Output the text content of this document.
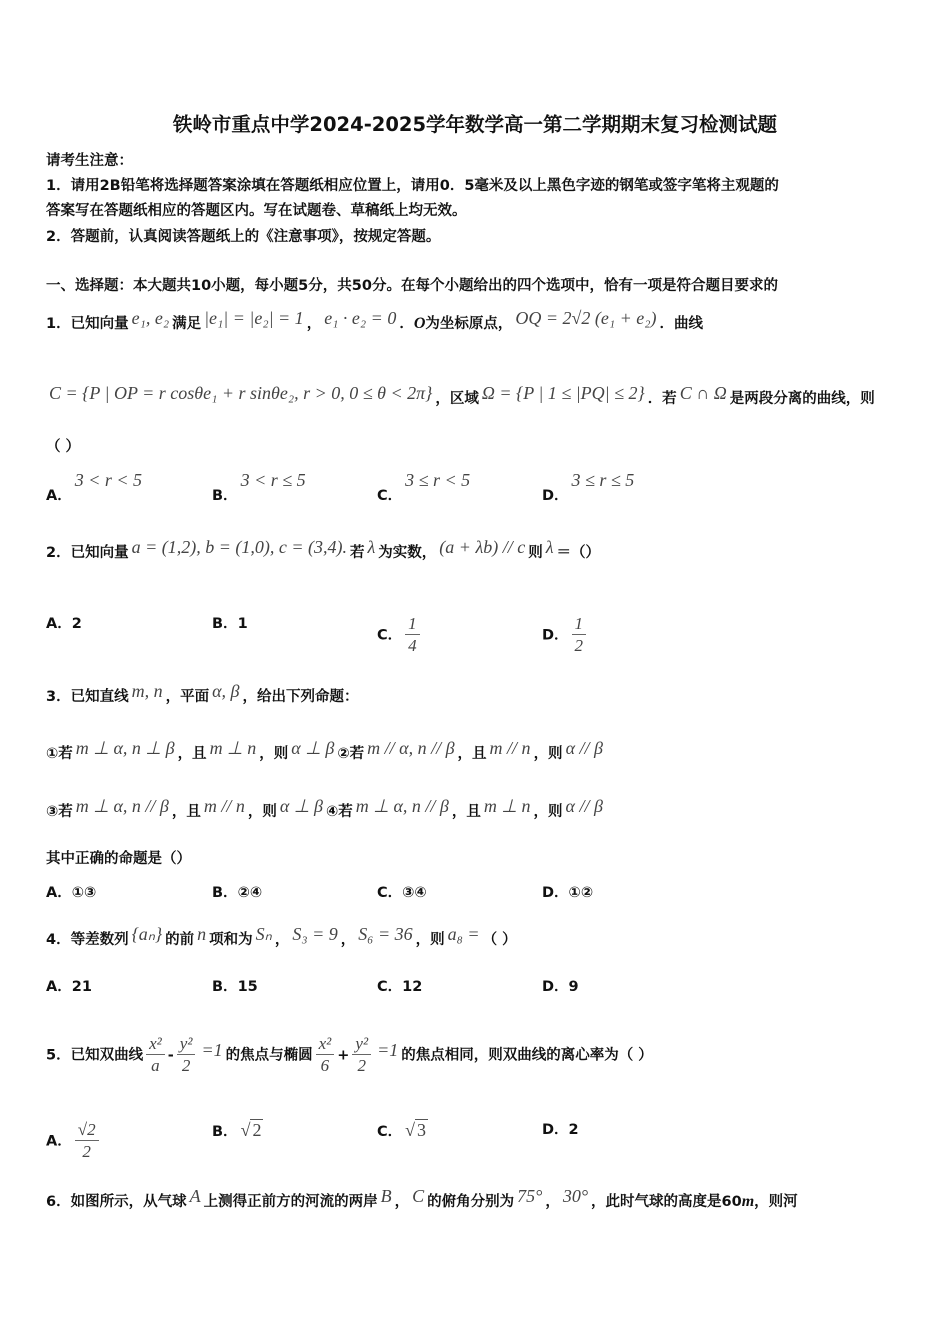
铁岭市重点中学2024-2025学年数学高一第二学期期末复习检测试题
请考生注意：
1．请用2B铅笔将选择题答案涂填在答题纸相应位置上，请用0．5毫米及以上黑色字迹的钢笔或签字笔将主观题的
答案写在答题纸相应的答题区内。写在试题卷、草稿纸上均无效。
2．答题前，认真阅读答题纸上的《注意事项》，按规定答题。
一、选择题：本大题共10小题，每小题5分，共50分。在每个小题给出的四个选项中，恰有一项是符合题目要求的
1．已知向量 e₁, e₂ 满足 |e₁| = |e₂| = 1 ， e₁ · e₂ = 0 ．O为坐标原点， OQ = 2√2 (e₁ + e₂) ．曲线
C = {P | OP = r cosθe₁ + r sinθe₂, r > 0, 0 ≤ θ < 2π} ，区域 Ω = {P | 1 ≤ |PQ| ≤ 2} ．若 C ∩ Ω 是两段分离的曲线，则
（ ）
A．3 < r < 5
B．3 < r ≤ 5
C．3 ≤ r < 5
D．3 ≤ r ≤ 5
2．已知向量 a = (1,2), b = (1,0), c = (3,4). 若 λ 为实数， (a + λb) // c 则 λ ＝（）
A．2	B．1
C． $\frac{1}{4}$	D． $\frac{1}{2}$
3．已知直线 m, n ，平面 α, β ，给出下列命题：
①若 m ⊥ α, n ⊥ β ，且 m ⊥ n ，则 α ⊥ β ②若 m // α, n // β ，且 m // n ，则 α // β
③若 m ⊥ α, n // β ，且 m // n ，则 α ⊥ β ④若 m ⊥ α, n // β ，且 m ⊥ n ，则 α // β
其中正确的命题是（）
A．①③	B．②④	C．③④	D．①②
4．等差数列 {aₙ} 的前 n 项和为 Sₙ ， S₃ = 9 ， S₆ = 36 ，则 a₈ = （ ）
A．21	B．15	C．12	D．9
5．已知双曲线 $\frac{\text{x²}}{a} - \frac{\text{y²}}{2} =1$ 的焦点与椭圆 $\frac{\text{x²}}{6} + \frac{\text{y²}}{2} =1$ 的焦点相同，则双曲线的离心率为（ ）
A． $\frac{√2}{2}$	B． √ 2	C． √ 3	D．2
6．如图所示，从气球 A 上测得正前方的河流的两岸 B ， C 的俯角分别为 75° ， 30° ，此时气球的高度是60m，则河
